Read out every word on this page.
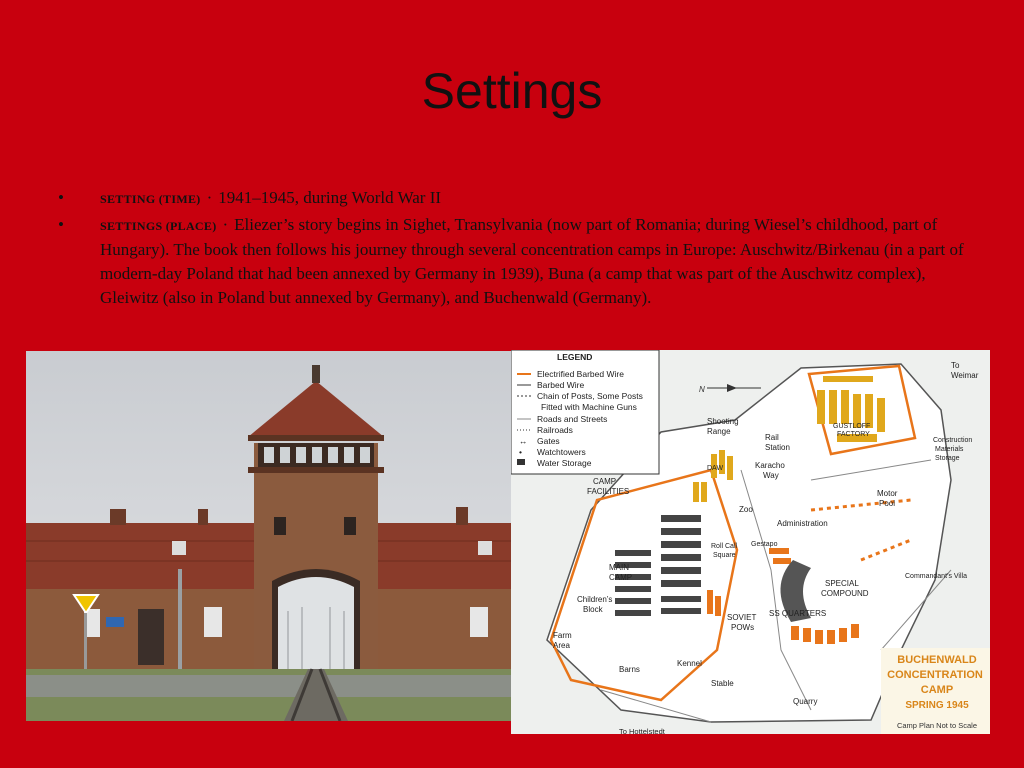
Settings
•	SETTING (TIME) · 1941–1945, during World War II
•	SETTINGS (PLACE) · Eliezer’s story begins in Sighet, Transylvania (now part of Romania; during Wiesel’s childhood, part of Hungary). The book then follows his journey through several concentration camps in Europe: Auschwitz/Birkenau (in a part of modern-day Poland that had been annexed by Germany in 1939), Buna (a camp that was part of the Auschwitz complex), Gleiwitz (also in Poland but annexed by Germany), and Buchenwald (Germany).
LEGEND
Electrified Barbed Wire
Barbed Wire
Chain of Posts, Some Posts
Fitted with Machine Guns
Roads and Streets
Railroads
↔ Gates
• Watchtowers
Water Storage
N
To
Weimar
Shooting
Range
Rail
Station
Karacho
Way
GUSTLOFF
FACTORY
Construction
Materials
Storage
CAMP
FACILITIES
DAW
Zoo
Administration
Motor
Pool
MAIN
CAMP
Roll Call
Square
Gestapo
SPECIAL
COMPOUND
Commandant’s Villa
Children’s
Block	SS QUARTERS
SOVIET
POWs
Farm
Area
Barns
Kennel
Stable
Quarry
To Hottelstedt
BUCHENWALD
CONCENTRATION
CAMP
SPRING 1945
Camp Plan Not to Scale
